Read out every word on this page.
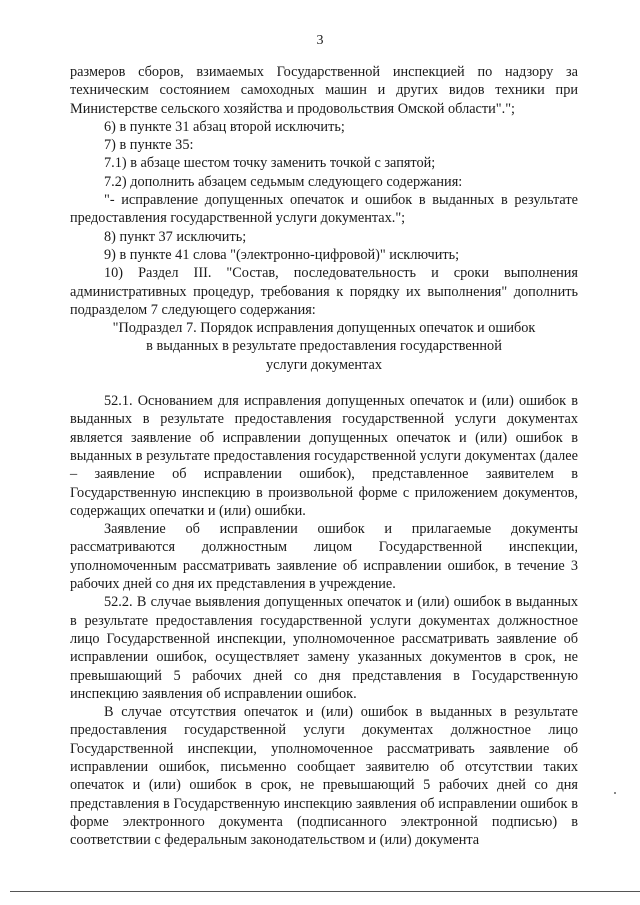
3

размеров сборов, взимаемых Государственной инспекцией по надзору за техническим состоянием самоходных машин и других видов техники при Министерстве сельского хозяйства и продовольствия Омской области".";

6) в пункте 31 абзац второй исключить;

7) в пункте 35:

7.1) в абзаце шестом точку заменить точкой с запятой;

7.2) дополнить абзацем седьмым следующего содержания:

"- исправление допущенных опечаток и ошибок в выданных в результате предоставления государственной услуги документах.";

8) пункт 37 исключить;

9) в пункте 41 слова "(электронно-цифровой)" исключить;

10) Раздел III. "Состав, последовательность и сроки выполнения административных процедур, требования к порядку их выполнения" дополнить подразделом 7 следующего содержания:

"Подраздел 7. Порядок исправления допущенных опечаток и ошибок

в выданных в результате предоставления государственной

услуги документах

52.1. Основанием для исправления допущенных опечаток и (или) ошибок в выданных в результате предоставления государственной услуги документах является заявление об исправлении допущенных опечаток и (или) ошибок в выданных в результате предоставления государственной услуги документах (далее – заявление об исправлении ошибок), представленное заявителем в Государственную инспекцию в произвольной форме с приложением документов, содержащих опечатки и (или) ошибки.

Заявление об исправлении ошибок и прилагаемые документы рассматриваются должностным лицом Государственной инспекции, уполномоченным рассматривать заявление об исправлении ошибок, в течение 3 рабочих дней со дня их представления в учреждение.

52.2. В случае выявления допущенных опечаток и (или) ошибок в выданных в результате предоставления государственной услуги документах должностное лицо Государственной инспекции, уполномоченное рассматривать заявление об исправлении ошибок, осуществляет замену указанных документов в срок, не превышающий 5 рабочих дней со дня представления в Государственную инспекцию заявления об исправлении ошибок.

В случае отсутствия опечаток и (или) ошибок в выданных в результате предоставления государственной услуги документах должностное лицо Государственной инспекции, уполномоченное рассматривать заявление об исправлении ошибок, письменно сообщает заявителю об отсутствии таких опечаток и (или) ошибок в срок, не превышающий 5 рабочих дней со дня представления в Государственную инспекцию заявления об исправлении ошибок в форме электронного документа (подписанного электронной подписью) в соответствии с федеральным законодательством и (или) документа
